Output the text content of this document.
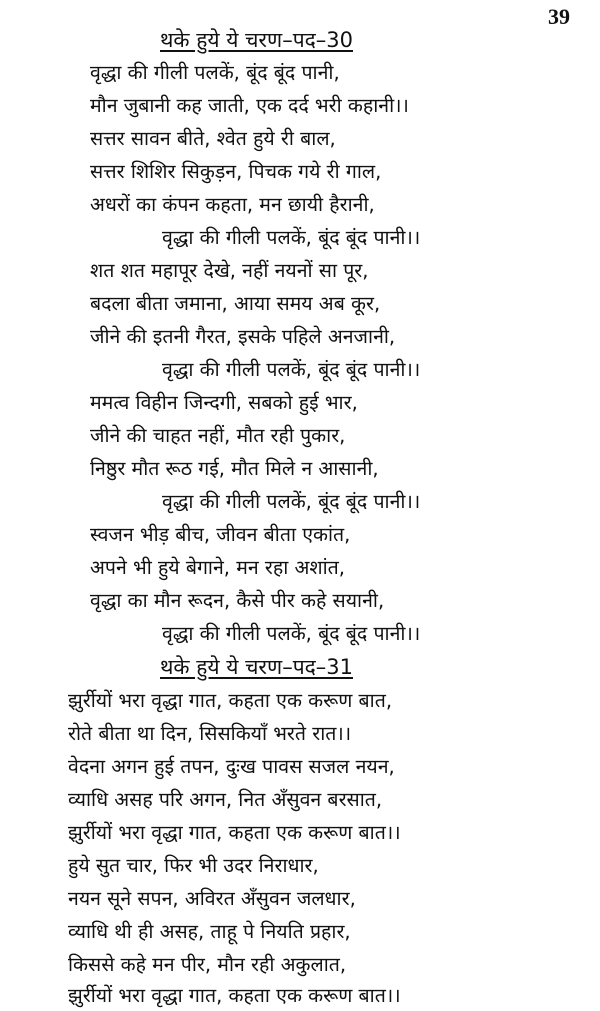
39
थके हुये ये चरण–पद–30
वृद्धा की गीली पलकें, बूंद बूंद पानी,
मौन जुबानी कह जाती, एक दर्द भरी कहानी।।
सत्तर सावन बीते, श्वेत हुये री बाल,
सत्तर शिशिर सिकुड़न, पिचक गये री गाल,
अधरों का कंपन कहता, मन छायी हैरानी,
वृद्धा की गीली पलकें, बूंद बूंद पानी।।
शत शत महापूर देखे, नहीं नयनों सा पूर,
बदला बीता जमाना, आया समय अब कूर,
जीने की इतनी गैरत, इसके पहिले अनजानी,
वृद्धा की गीली पलकें, बूंद बूंद पानी।।
ममत्व विहीन जिन्दगी, सबको हुई भार,
जीने की चाहत नहीं, मौत रही पुकार,
निष्ठुर मौत रूठ गई, मौत मिले न आसानी,
वृद्धा की गीली पलकें, बूंद बूंद पानी।।
स्वजन भीड़ बीच, जीवन बीता एकांत,
अपने भी हुये बेगाने, मन रहा अशांत,
वृद्धा का मौन रूदन, कैसे पीर कहे सयानी,
वृद्धा की गीली पलकें, बूंद बूंद पानी।।
थके हुये ये चरण–पद–31
झुर्रीयों भरा वृद्धा गात, कहता एक करूण बात,
रोते बीता था दिन, सिसकियाँ भरते रात।।
वेदना अगन हुई तपन, दुःख पावस सजल नयन,
व्याधि असह परि अगन, नित अँसुवन बरसात,
झुर्रीयों भरा वृद्धा गात, कहता एक करूण बात।।
हुये सुत चार, फिर भी उदर निराधार,
नयन सूने सपन, अविरत अँसुवन जलधार,
व्याधि थी ही असह, ताहू पे नियति प्रहार,
किससे कहे मन पीर, मौन रही अकुलात,
झुर्रीयों भरा वृद्धा गात, कहता एक करूण बात।।
